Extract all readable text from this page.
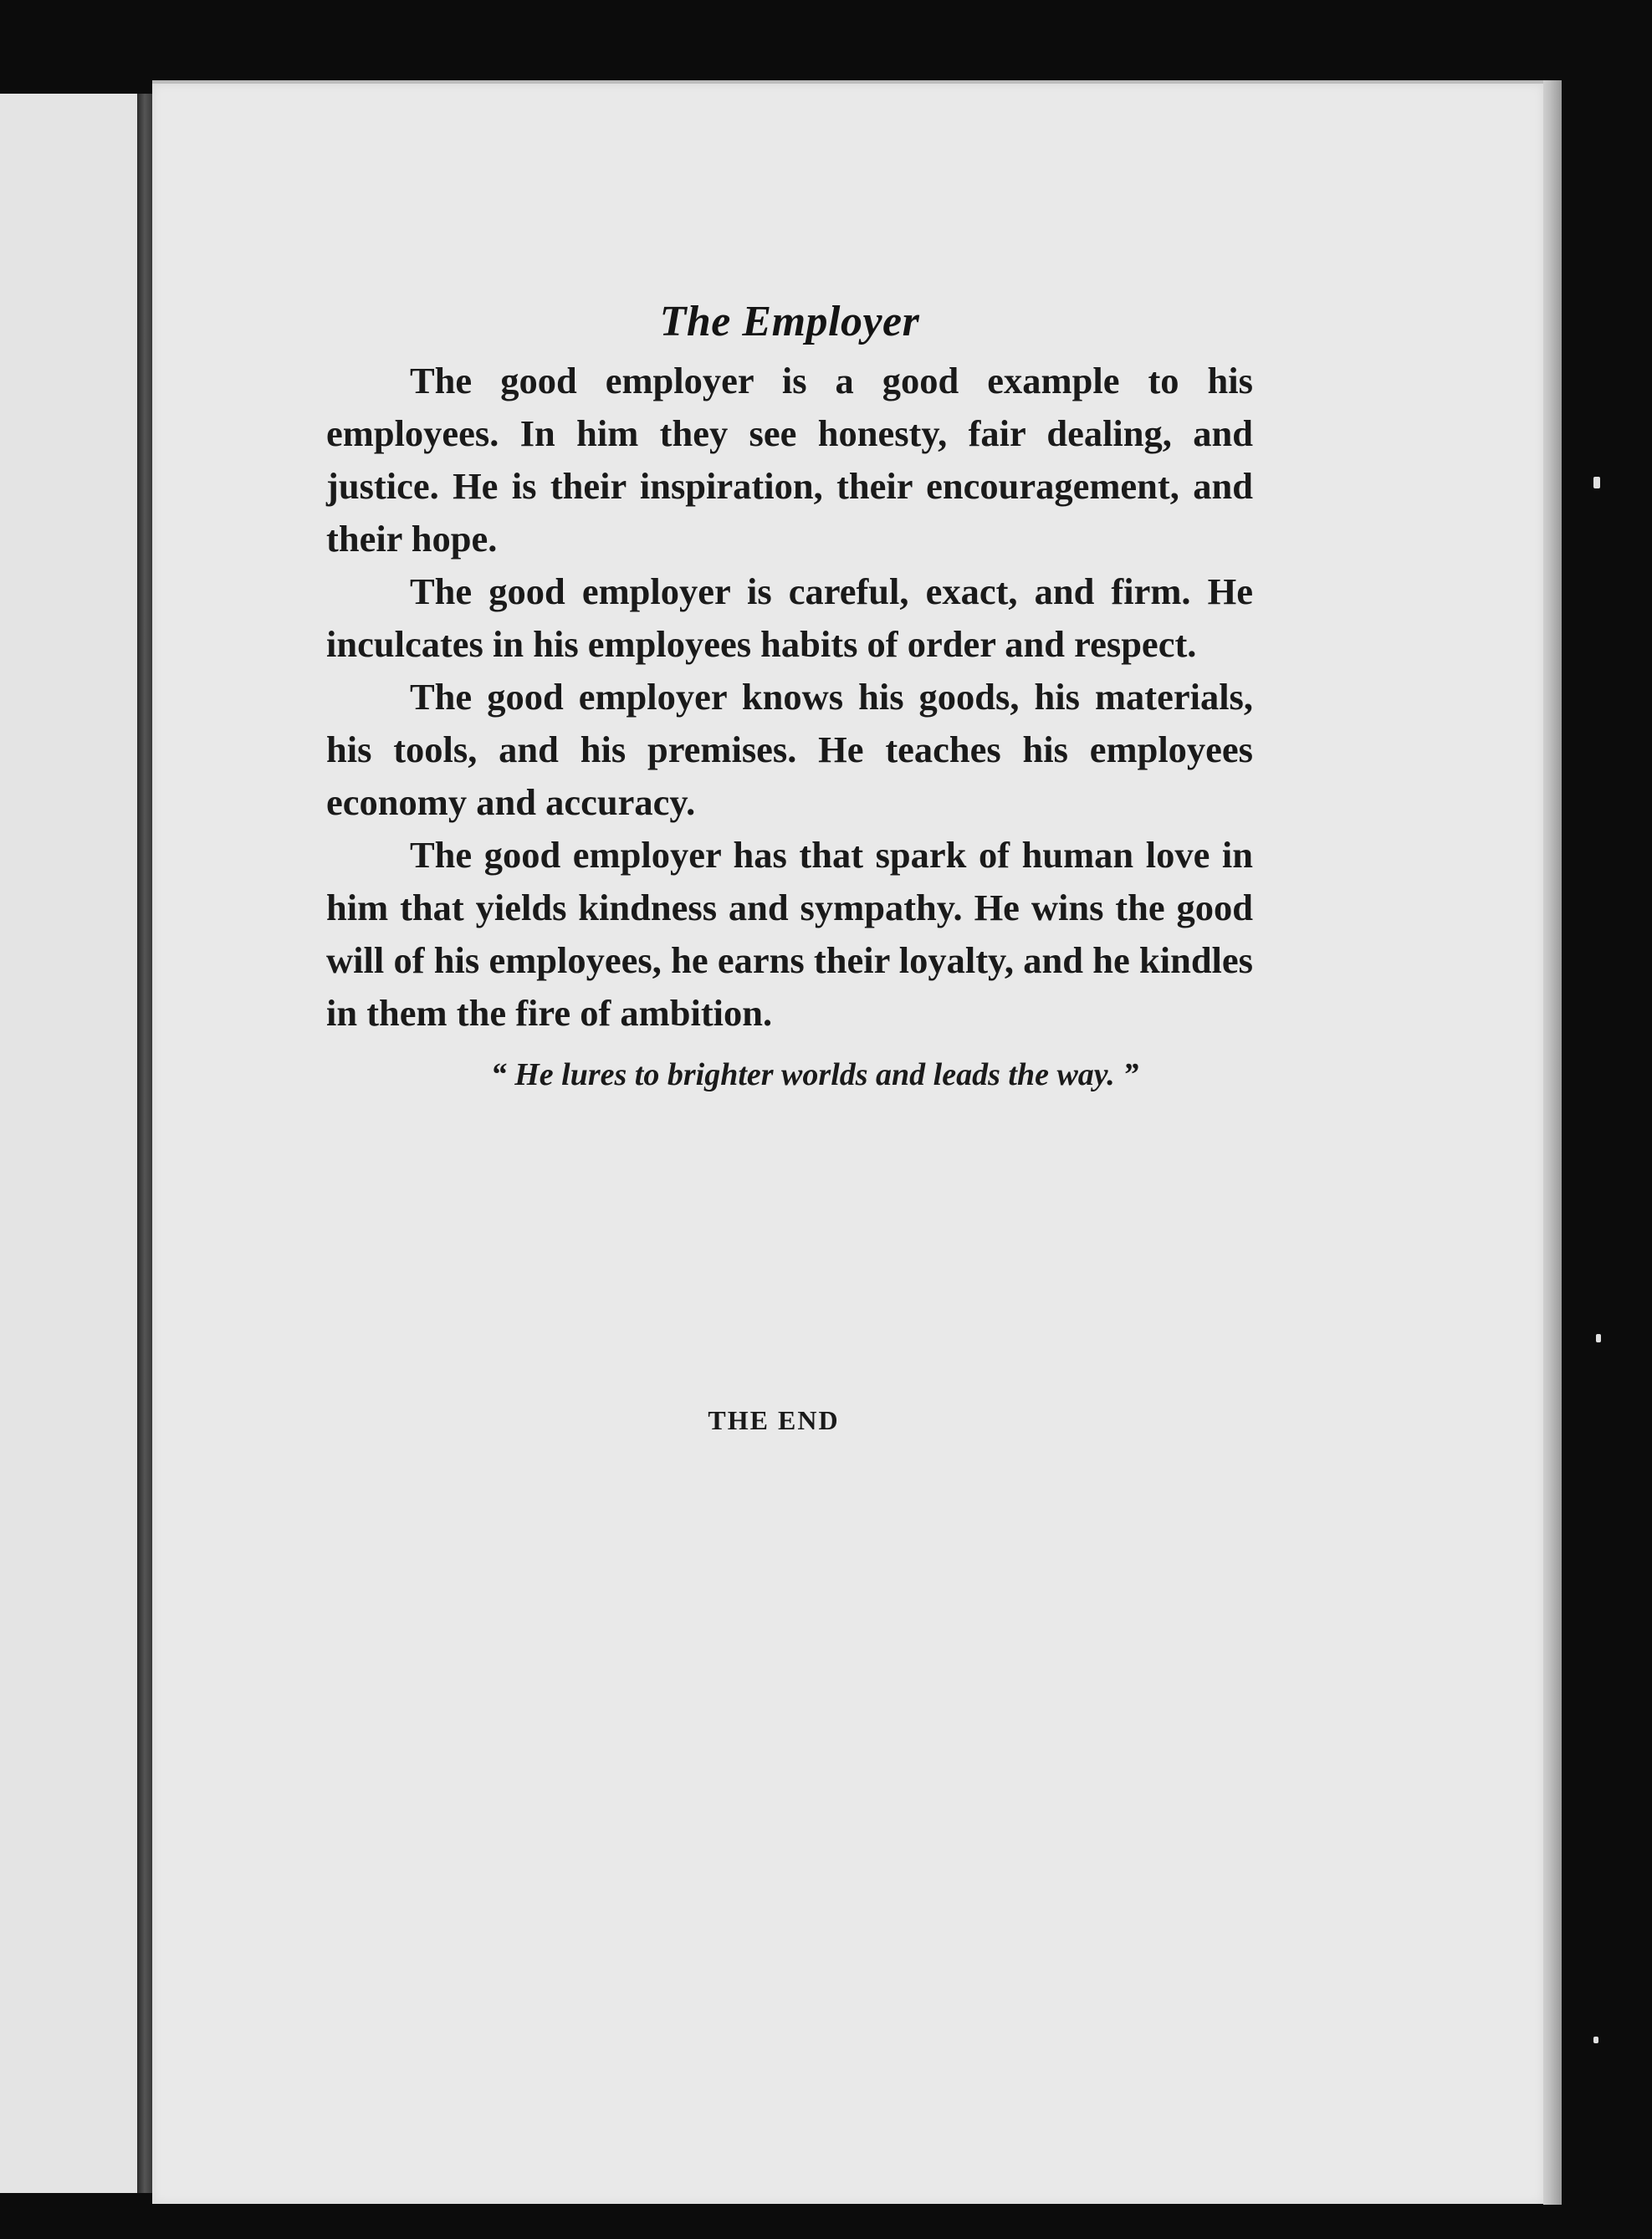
The Employer

The good employer is a good example to his employees. In him they see honesty, fair dealing, and justice. He is their inspiration, their encouragement, and their hope.

The good employer is careful, exact, and firm. He inculcates in his employees habits of order and respect.

The good employer knows his goods, his materials, his tools, and his premises. He teaches his employees economy and accuracy.

The good employer has that spark of human love in him that yields kindness and sympathy. He wins the good will of his employees, he earns their loyalty, and he kindles in them the fire of ambition.

“ He lures to brighter worlds and leads the way. ”
THE END
